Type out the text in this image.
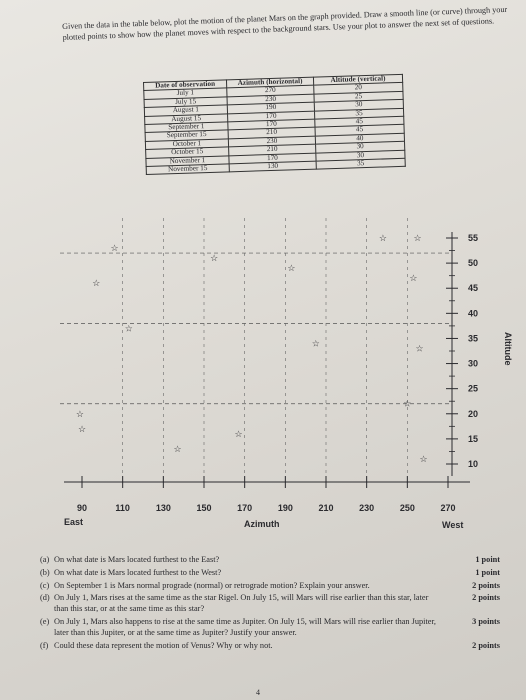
Given the data in the table below, plot the motion of the planet Mars on the graph provided. Draw a smooth line (or curve) through your plotted points to show how the planet moves with respect to the background stars. Use your plot to answer the next set of questions.
Date of observation	Azimuth (horizontal)	Altitude (vertical)
July 1	270	20
July 15	230	25
August 1	190	30
August 15	170	35
September 1	170	45
September 15	210	45
October 1	230	40
October 15	210	30
November 1	170	30
November 15	130	35
90	110	130	150	170	190	210	230	250	270
10
15
20
25
30
35
40
45
50
55
☆	☆
☆
☆
☆
☆
☆
☆
☆
☆
☆
☆
☆
☆
☆
☆
East	West
Azimuth
Altitude
(a) On what date is Mars located furthest to the East?	1 point
(b) On what date is Mars located furthest to the West?	1 point
(c) On September 1 is Mars normal prograde (normal) or retrograde motion? Explain your answer.	2 points
(d) On July 1, Mars rises at the same time as the star Rigel. On July 15, will Mars will rise earlier than this star, later than this star, or at the same time as this star?
2 points
(e) On July 1, Mars also happens to rise at the same time as Jupiter. On July 15, will Mars will rise earlier than Jupiter, later than this Jupiter, or at the same time as Jupiter? Justify your answer.
3 points
(f) Could these data represent the motion of Venus? Why or why not.	2 points
4
